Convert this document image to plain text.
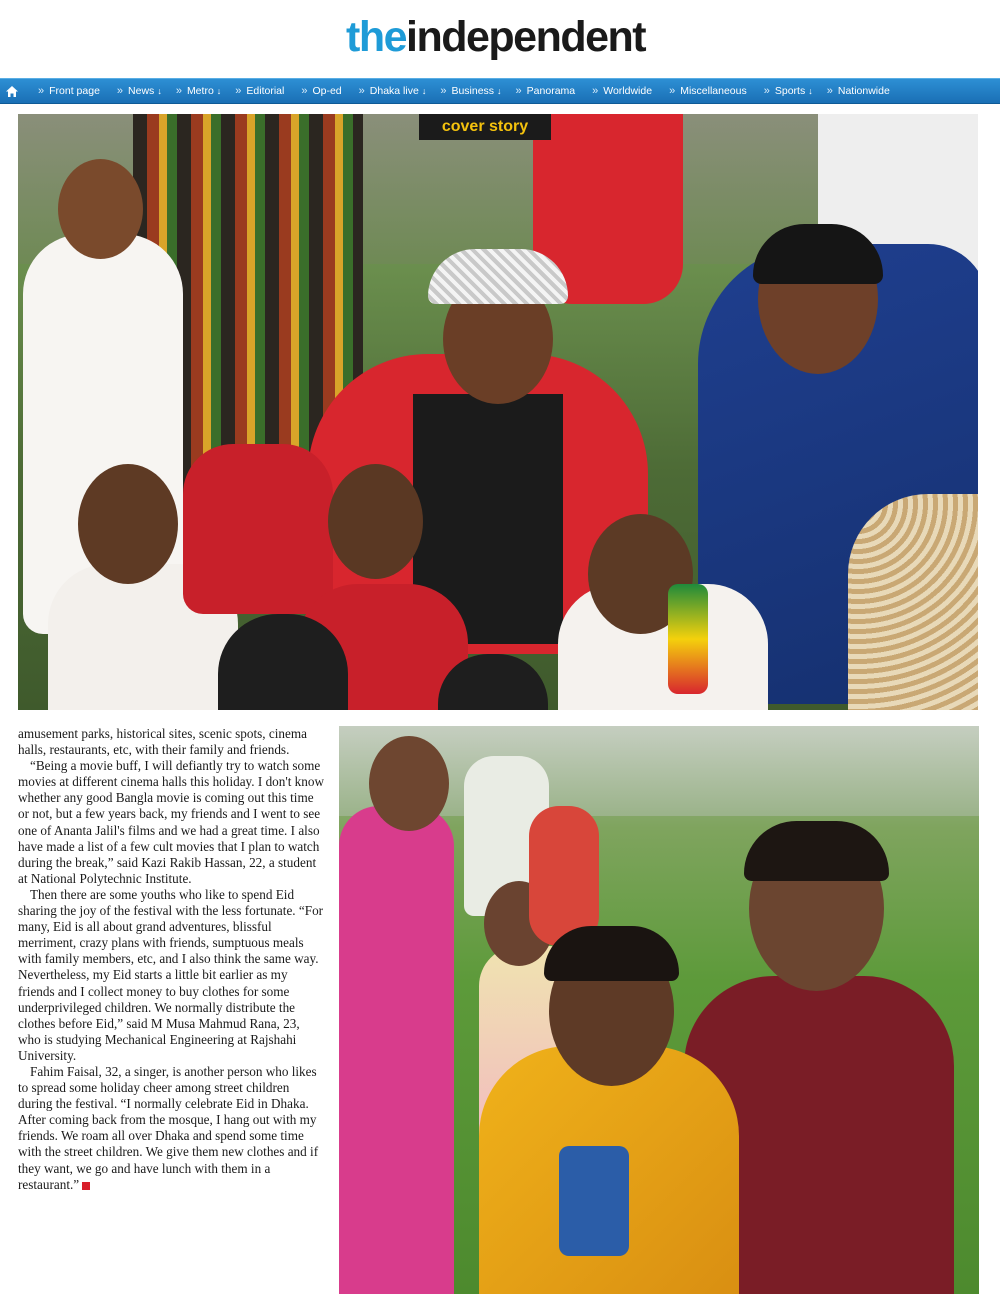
theindependent
» Front page » News ↓ » Metro ↓ » Editorial » Op-ed » Dhaka live ↓ » Business ↓ » Panorama » Worldwide » Miscellaneous » Sports ↓ » Nationwide
cover story

amusement parks, historical sites, scenic spots, cinema halls, restaurants, etc, with their family and friends.

“Being a movie buff, I will defiantly try to watch some movies at different cinema halls this holiday. I don't know whether any good Bangla movie is coming out this time or not, but a few years back, my friends and I went to see one of Ananta Jalil's films and we had a great time. I also have made a list of a few cult movies that I plan to watch during the break,” said Kazi Rakib Hassan, 22, a student at National Polytechnic Institute.

Then there are some youths who like to spend Eid sharing the joy of the festival with the less fortunate. “For many, Eid is all about grand adventures, blissful merriment, crazy plans with friends, sumptuous meals with family members, etc, and I also think the same way. Nevertheless, my Eid starts a little bit earlier as my friends and I collect money to buy clothes for some underprivileged children. We normally distribute the clothes before Eid,” said M Musa Mahmud Rana, 23, who is studying Mechanical Engineering at Rajshahi University.

Fahim Faisal, 32, a singer, is another person who likes to spread some holiday cheer among street children during the festival. “I normally celebrate Eid in Dhaka. After coming back from the mosque, I hang out with my friends. We roam all over Dhaka and spend some time with the street children. We give them new clothes and if they want, we go and have lunch with them in a restaurant.”
